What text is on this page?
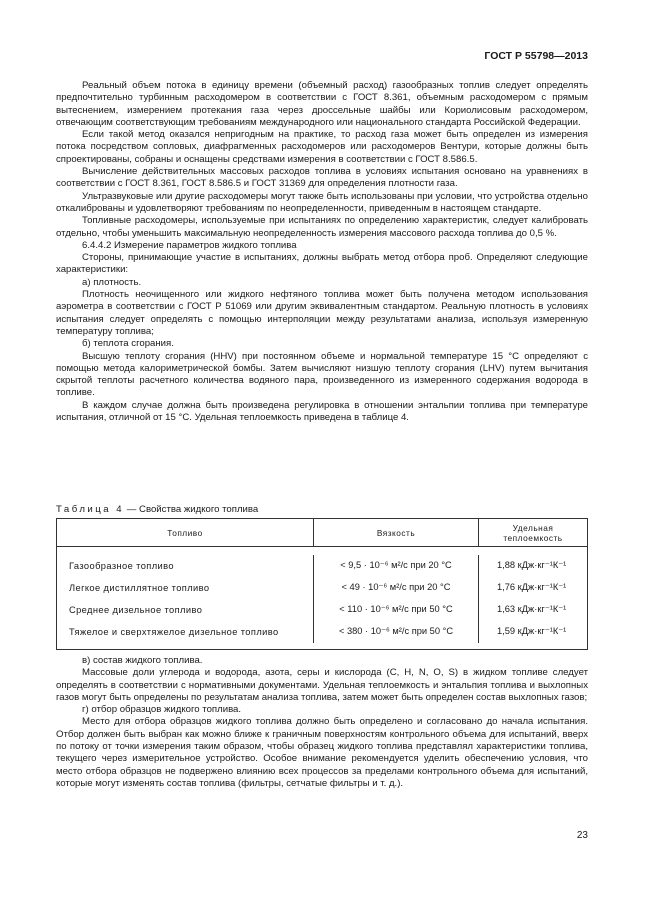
ГОСТ Р 55798—2013

Реальный объем потока в единицу времени (объемный расход) газообразных топлив следует определять предпочтительно турбинным расходомером в соответствии с ГОСТ 8.361, объемным расходомером с прямым вытеснением, измерением протекания газа через дроссельные шайбы или Кориолисовым расходомером, отвечающим соответствующим требованиям международного или национального стандарта Российской Федерации.

Если такой метод оказался непригодным на практике, то расход газа может быть определен из измерения потока посредством сопловых, диафрагменных расходомеров или расходомеров Вентури, которые должны быть спроектированы, собраны и оснащены средствами измерения в соответствии с ГОСТ 8.586.5.

Вычисление действительных массовых расходов топлива в условиях испытания основано на уравнениях в соответствии с ГОСТ 8.361, ГОСТ 8.586.5 и ГОСТ 31369 для определения плотности газа.

Ультразвуковые или другие расходомеры могут также быть использованы при условии, что устройства отдельно откалиброваны и удовлетворяют требованиям по неопределенности, приведенным в настоящем стандарте.

Топливные расходомеры, используемые при испытаниях по определению характеристик, следует калибровать отдельно, чтобы уменьшить максимальную неопределенность измерения массового расхода топлива до 0,5 %.

6.4.4.2 Измерение параметров жидкого топлива

Стороны, принимающие участие в испытаниях, должны выбрать метод отбора проб. Определяют следующие характеристики:

а) плотность.

Плотность неочищенного или жидкого нефтяного топлива может быть получена методом использования аэрометра в соответствии с ГОСТ Р 51069 или другим эквивалентным стандартом. Реальную плотность в условиях испытания следует определять с помощью интерполяции между результатами анализа, используя измеренную температуру топлива;

б) теплота сгорания.

Высшую теплоту сгорания (HHV) при постоянном объеме и нормальной температуре 15 °С определяют с помощью метода калориметрической бомбы. Затем вычисляют низшую теплоту сгорания (LHV) путем вычитания скрытой теплоты расчетного количества водяного пара, произведенного из измеренного содержания водорода в топливе.

В каждом случае должна быть произведена регулировка в отношении энтальпии топлива при температуре испытания, отличной от 15 °С. Удельная теплоемкость приведена в таблице 4.

Таблица 4 — Свойства жидкого топлива
Топливо	Вязкость	Удельная теплоемкость

Газообразное топливо	< 9,5 · 10⁻⁶ м²/с при 20 °С	1,88 кДж·кг⁻¹К⁻¹
Легкое дистиллятное топливо	< 49 · 10⁻⁶ м²/с при 20 °С	1,76 кДж·кг⁻¹К⁻¹
Среднее дизельное топливо	< 110 · 10⁻⁶ м²/с при 50 °С	1,63 кДж·кг⁻¹К⁻¹
Тяжелое и сверхтяжелое дизельное топливо	< 380 · 10⁻⁶ м²/с при 50 °С	1,59 кДж·кг⁻¹К⁻¹

в) состав жидкого топлива.

Массовые доли углерода и водорода, азота, серы и кислорода (С, Н, N, О, S) в жидком топливе следует определять в соответствии с нормативными документами. Удельная теплоемкость и энтальпия топлива и выхлопных газов могут быть определены по результатам анализа топлива, затем может быть определен состав выхлопных газов;

г) отбор образцов жидкого топлива.

Место для отбора образцов жидкого топлива должно быть определено и согласовано до начала испытания. Отбор должен быть выбран как можно ближе к граничным поверхностям контрольного объема для испытаний, вверх по потоку от точки измерения таким образом, чтобы образец жидкого топлива представлял характеристики топлива, текущего через измерительное устройство. Особое внимание рекомендуется уделить обеспечению условия, что место отбора образцов не подвержено влиянию всех процессов за пределами контрольного объема для испытаний, которые могут изменять состав топлива (фильтры, сетчатые фильтры и т. д.).

23
